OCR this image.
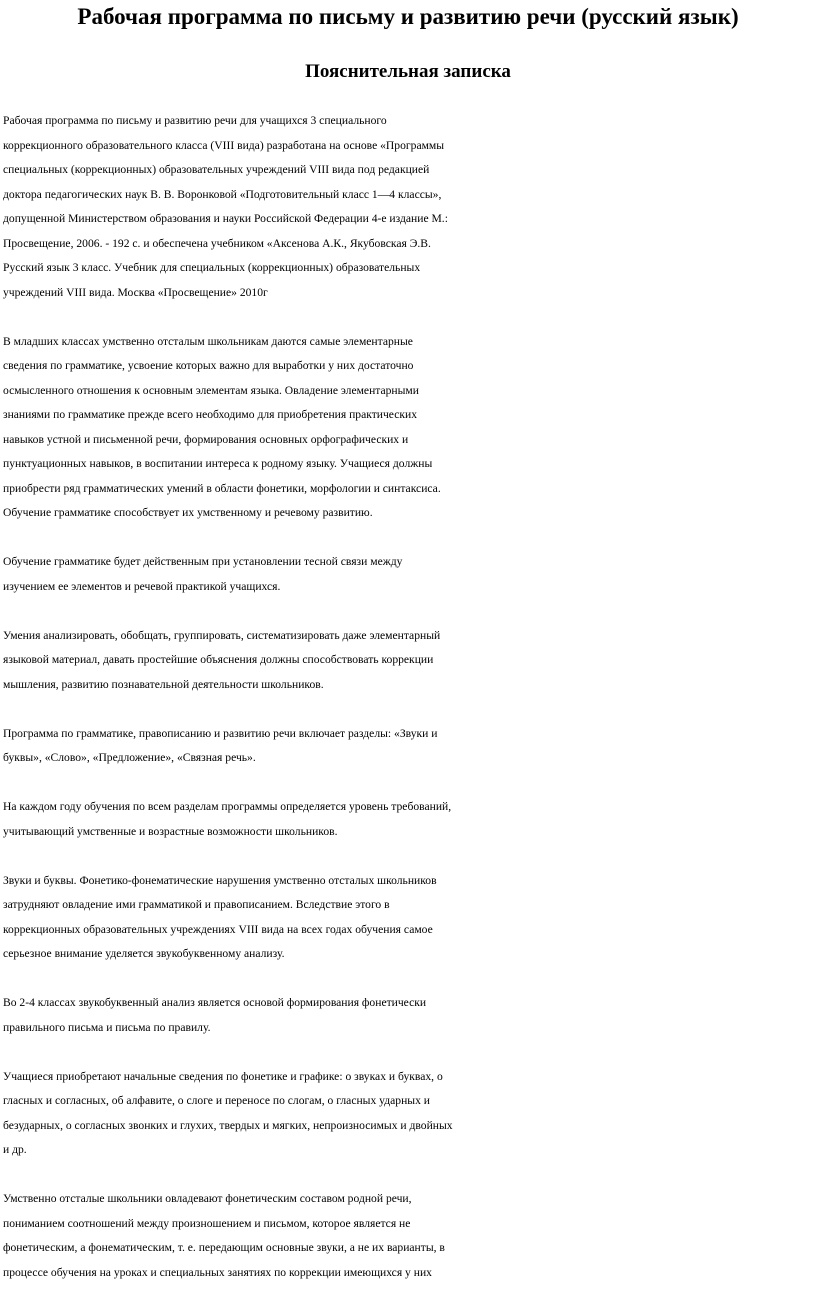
Рабочая программа по письму и развитию речи (русский язык)
Пояснительная записка

Рабочая программа по письму и развитию речи для учащихся 3 специального
коррекционного образовательного класса (VIII вида) разработана на основе «Программы
специальных (коррекционных) образовательных учреждений VIII вида под редакцией
доктора педагогических наук В. В. Воронковой «Подготовительный класс 1—4 классы»,
допущенной Министерством образования и науки Российской Федерации 4-е издание М.:
Просвещение, 2006. - 192 с. и обеспечена учебником «Аксенова А.К., Якубовская Э.В.
Русский язык 3 класс. Учебник для специальных (коррекционных) образовательных
учреждений VIII вида. Москва «Просвещение» 2010г

В младших классах умственно отсталым школьникам даются самые элементарные
сведения по грамматике, усвоение которых важно для выработки у них достаточно
осмысленного отношения к основным элементам языка. Овладение элементарными
знаниями по грамматике прежде всего необходимо для приобретения практических
навыков устной и письменной речи, формирования основных орфографических и
пунктуационных навыков, в воспитании интереса к родному языку. Учащиеся должны
приобрести ряд грамматических умений в области фонетики, морфологии и синтаксиса.
Обучение грамматике способствует их умственному и речевому развитию.

Обучение грамматике будет действенным при установлении тесной связи между
изучением ее элементов и речевой практикой учащихся.

Умения анализировать, обобщать, группировать, систематизировать даже элементарный
языковой материал, давать простейшие объяснения должны способствовать коррекции
мышления, развитию познавательной деятельности школьников.

Программа по грамматике, правописанию и развитию речи включает разделы: «Звуки и
буквы», «Слово», «Предложение», «Связная речь».

На каждом году обучения по всем разделам программы определяется уровень требований,
учитывающий умственные и возрастные возможности школьников.

Звуки и буквы. Фонетико-фонематические нарушения умственно отсталых школьников
затрудняют овладение ими грамматикой и правописанием. Вследствие этого в
коррекционных образовательных учреждениях VIII вида на всех годах обучения самое
серьезное внимание уделяется звукобуквенному анализу.

Во 2-4 классах звукобуквенный анализ является основой формирования фонетически
правильного письма и письма по правилу.

Учащиеся приобретают начальные сведения по фонетике и графике: о звуках и буквах, о
гласных и согласных, об алфавите, о слоге и переносе по слогам, о гласных ударных и
безударных, о согласных звонких и глухих, твердых и мягких, непроизносимых и двойных
и др.

Умственно отсталые школьники овладевают фонетическим составом родной речи,
пониманием соотношений между произношением и письмом, которое является не
фонетическим, а фонематическим, т. е. передающим основные звуки, а не их варианты, в
процессе обучения на уроках и специальных занятиях по коррекции имеющихся у них
